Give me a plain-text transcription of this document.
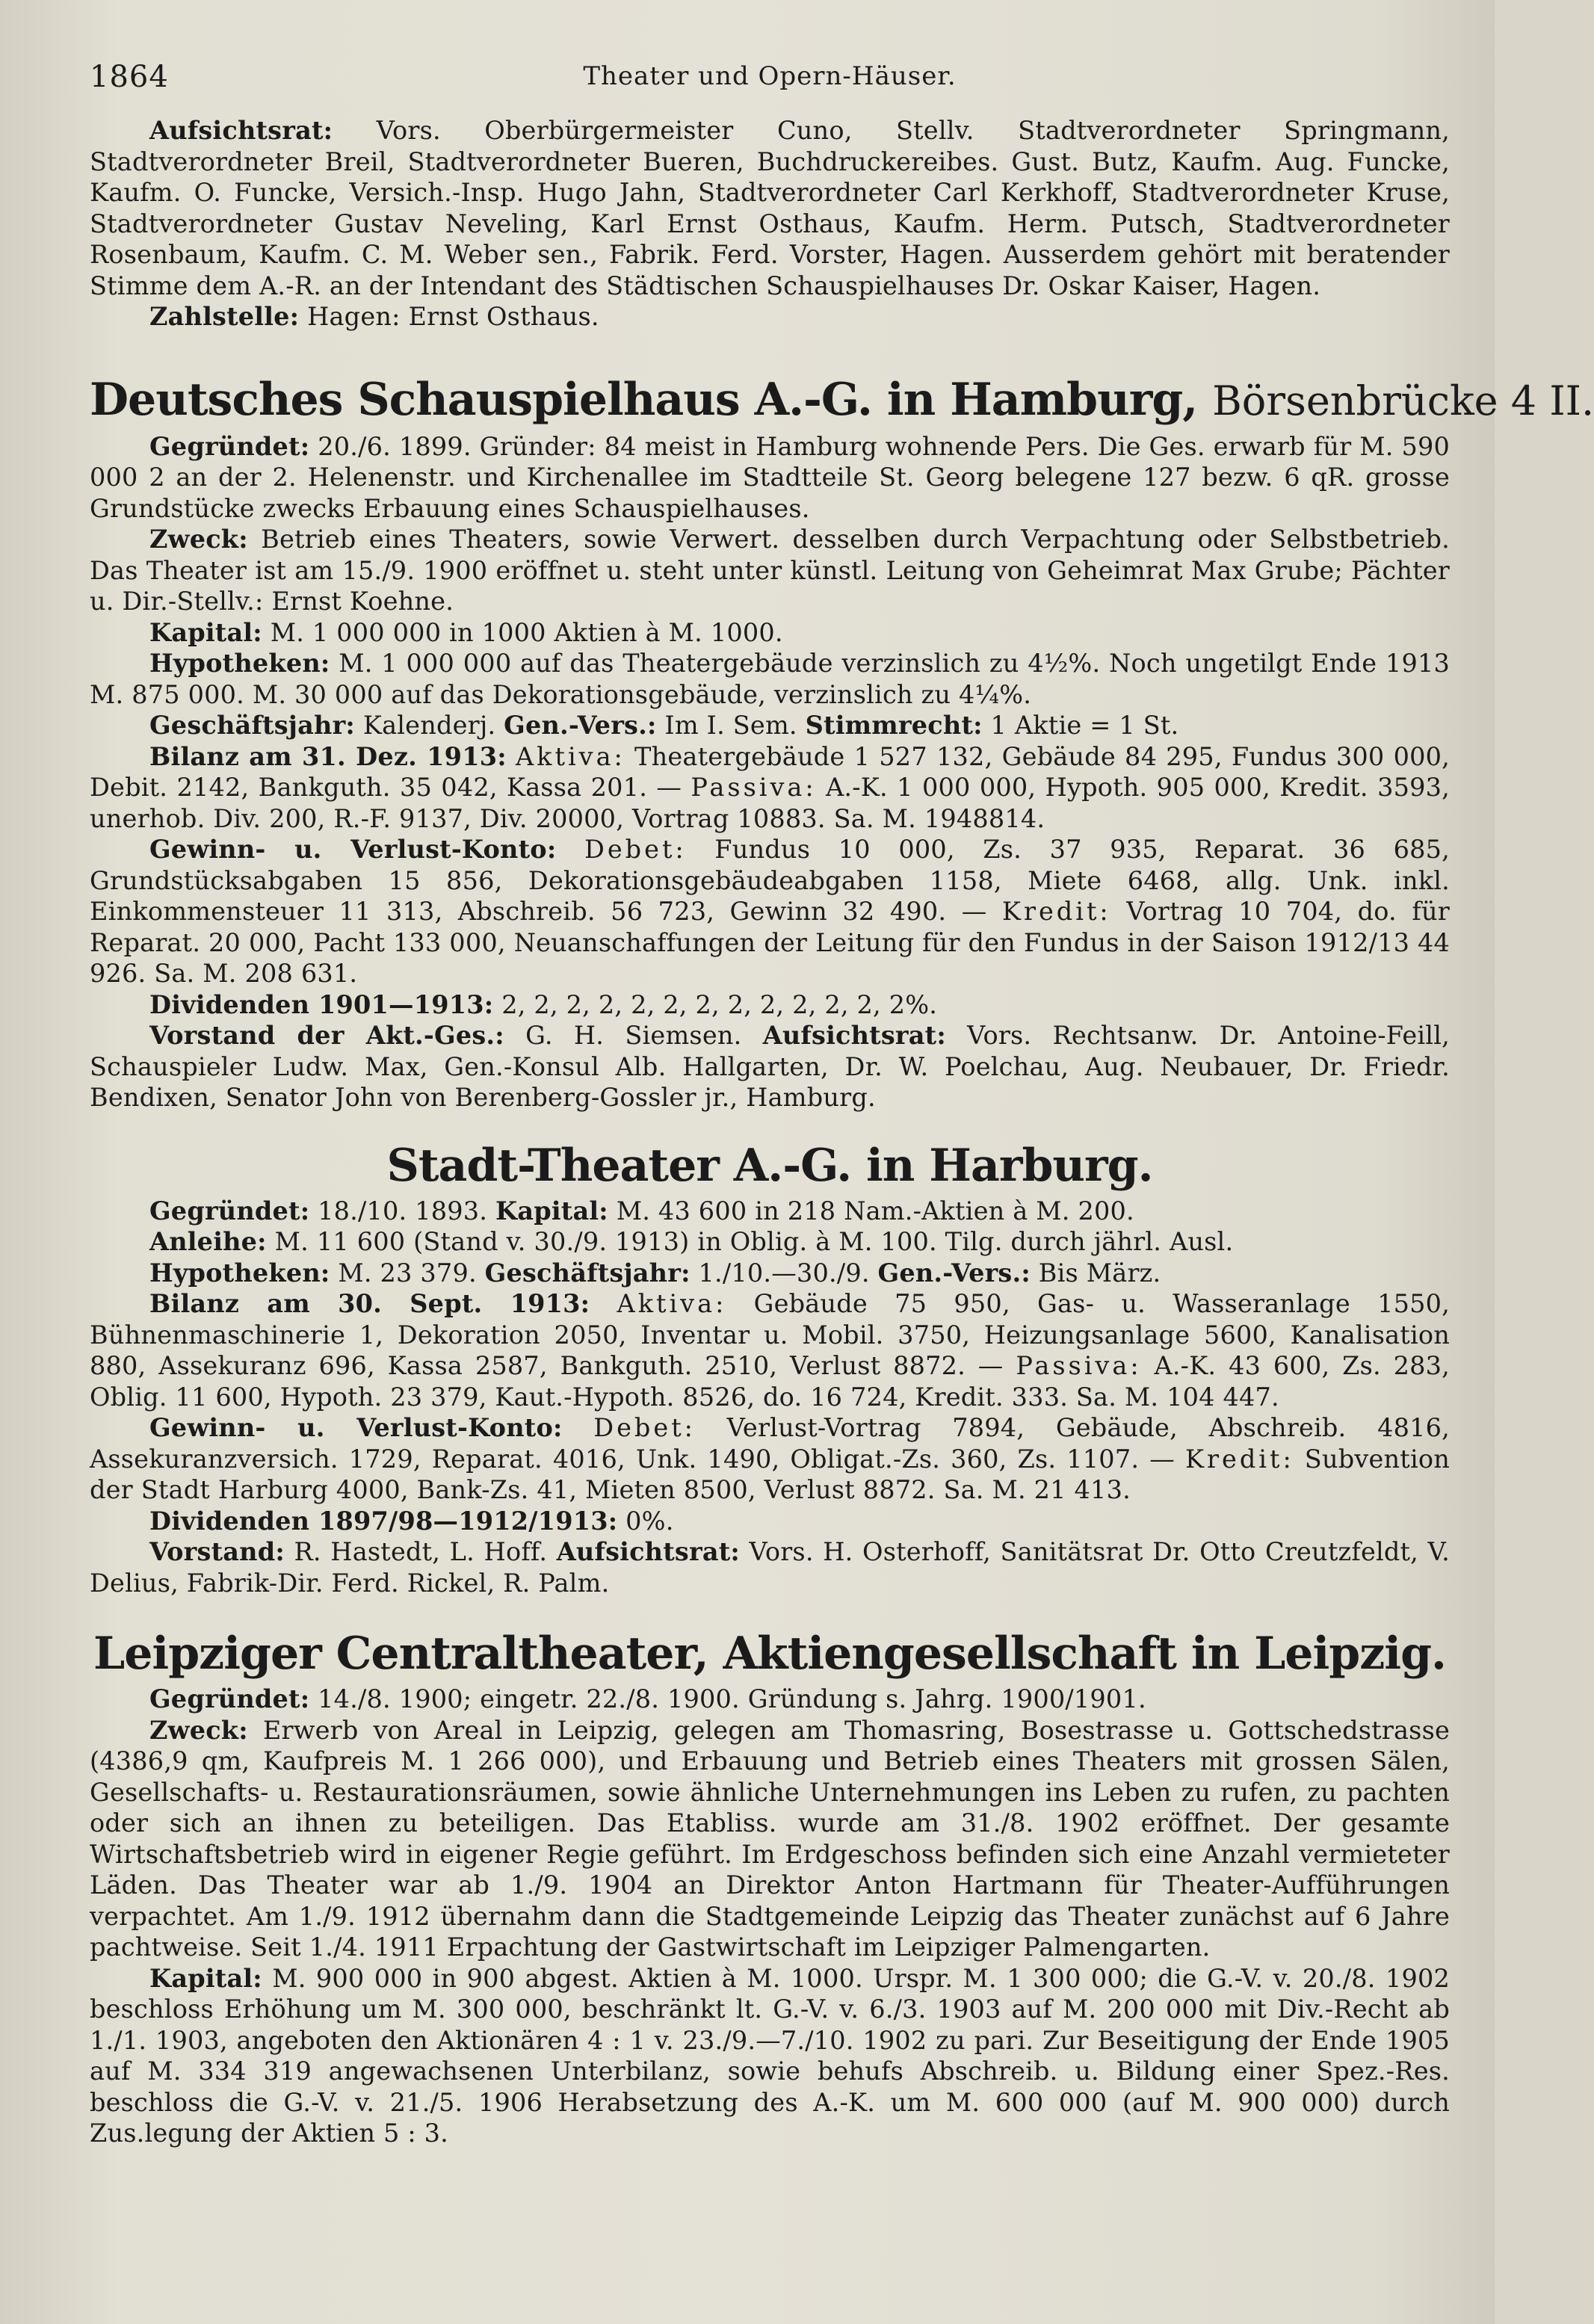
1864	Theater und Opern-Häuser.

Aufsichtsrat: Vors. Oberbürgermeister Cuno, Stellv. Stadtverordneter Springmann, Stadtverordneter Breil, Stadtverordneter Bueren, Buchdruckereibes. Gust. Butz, Kaufm. Aug. Funcke, Kaufm. O. Funcke, Versich.-Insp. Hugo Jahn, Stadtverordneter Carl Kerkhoff, Stadtverordneter Kruse, Stadtverordneter Gustav Neveling, Karl Ernst Osthaus, Kaufm. Herm. Putsch, Stadtverordneter Rosenbaum, Kaufm. C. M. Weber sen., Fabrik. Ferd. Vorster, Hagen. Ausserdem gehört mit beratender Stimme dem A.-R. an der Intendant des Städtischen Schauspielhauses Dr. Oskar Kaiser, Hagen.

Zahlstelle: Hagen: Ernst Osthaus.

Deutsches Schauspielhaus A.-G. in Hamburg, Börsenbrücke 4 II.

Gegründet: 20./6. 1899. Gründer: 84 meist in Hamburg wohnende Pers. Die Ges. erwarb für M. 590 000 2 an der 2. Helenenstr. und Kirchenallee im Stadtteile St. Georg belegene 127 bezw. 6 qR. grosse Grundstücke zwecks Erbauung eines Schauspielhauses.

Zweck: Betrieb eines Theaters, sowie Verwert. desselben durch Verpachtung oder Selbstbetrieb. Das Theater ist am 15./9. 1900 eröffnet u. steht unter künstl. Leitung von Geheimrat Max Grube; Pächter u. Dir.-Stellv.: Ernst Koehne.

Kapital: M. 1 000 000 in 1000 Aktien à M. 1000.

Hypotheken: M. 1 000 000 auf das Theatergebäude verzinslich zu 4½%. Noch ungetilgt Ende 1913 M. 875 000. M. 30 000 auf das Dekorationsgebäude, verzinslich zu 4¼%.

Geschäftsjahr: Kalenderj. Gen.-Vers.: Im I. Sem. Stimmrecht: 1 Aktie = 1 St.

Bilanz am 31. Dez. 1913: Aktiva: Theatergebäude 1 527 132, Gebäude 84 295, Fundus 300 000, Debit. 2142, Bankguth. 35 042, Kassa 201. — Passiva: A.-K. 1 000 000, Hypoth. 905 000, Kredit. 3593, unerhob. Div. 200, R.-F. 9137, Div. 20000, Vortrag 10883. Sa. M. 1948814.

Gewinn- u. Verlust-Konto: Debet: Fundus 10 000, Zs. 37 935, Reparat. 36 685, Grundstücksabgaben 15 856, Dekorationsgebäudeabgaben 1158, Miete 6468, allg. Unk. inkl. Einkommensteuer 11 313, Abschreib. 56 723, Gewinn 32 490. — Kredit: Vortrag 10 704, do. für Reparat. 20 000, Pacht 133 000, Neuanschaffungen der Leitung für den Fundus in der Saison 1912/13 44 926. Sa. M. 208 631.

Dividenden 1901—1913: 2, 2, 2, 2, 2, 2, 2, 2, 2, 2, 2, 2, 2%.

Vorstand der Akt.-Ges.: G. H. Siemsen. Aufsichtsrat: Vors. Rechtsanw. Dr. Antoine-Feill, Schauspieler Ludw. Max, Gen.-Konsul Alb. Hallgarten, Dr. W. Poelchau, Aug. Neubauer, Dr. Friedr. Bendixen, Senator John von Berenberg-Gossler jr., Hamburg.

Stadt-Theater A.-G. in Harburg.

Gegründet: 18./10. 1893. Kapital: M. 43 600 in 218 Nam.-Aktien à M. 200.

Anleihe: M. 11 600 (Stand v. 30./9. 1913) in Oblig. à M. 100. Tilg. durch jährl. Ausl.

Hypotheken: M. 23 379. Geschäftsjahr: 1./10.—30./9. Gen.-Vers.: Bis März.

Bilanz am 30. Sept. 1913: Aktiva: Gebäude 75 950, Gas- u. Wasseranlage 1550, Bühnenmaschinerie 1, Dekoration 2050, Inventar u. Mobil. 3750, Heizungsanlage 5600, Kanalisation 880, Assekuranz 696, Kassa 2587, Bankguth. 2510, Verlust 8872. — Passiva: A.-K. 43 600, Zs. 283, Oblig. 11 600, Hypoth. 23 379, Kaut.-Hypoth. 8526, do. 16 724, Kredit. 333. Sa. M. 104 447.

Gewinn- u. Verlust-Konto: Debet: Verlust-Vortrag 7894, Gebäude, Abschreib. 4816, Assekuranzversich. 1729, Reparat. 4016, Unk. 1490, Obligat.-Zs. 360, Zs. 1107. — Kredit: Subvention der Stadt Harburg 4000, Bank-Zs. 41, Mieten 8500, Verlust 8872. Sa. M. 21 413.

Dividenden 1897/98—1912/1913: 0%.

Vorstand: R. Hastedt, L. Hoff. Aufsichtsrat: Vors. H. Osterhoff, Sanitätsrat Dr. Otto Creutzfeldt, V. Delius, Fabrik-Dir. Ferd. Rickel, R. Palm.

Leipziger Centraltheater, Aktiengesellschaft in Leipzig.

Gegründet: 14./8. 1900; eingetr. 22./8. 1900. Gründung s. Jahrg. 1900/1901.

Zweck: Erwerb von Areal in Leipzig, gelegen am Thomasring, Bosestrasse u. Gottschedstrasse (4386,9 qm, Kaufpreis M. 1 266 000), und Erbauung und Betrieb eines Theaters mit grossen Sälen, Gesellschafts- u. Restaurationsräumen, sowie ähnliche Unternehmungen ins Leben zu rufen, zu pachten oder sich an ihnen zu beteiligen. Das Etabliss. wurde am 31./8. 1902 eröffnet. Der gesamte Wirtschaftsbetrieb wird in eigener Regie geführt. Im Erdgeschoss befinden sich eine Anzahl vermieteter Läden. Das Theater war ab 1./9. 1904 an Direktor Anton Hartmann für Theater-Aufführungen verpachtet. Am 1./9. 1912 übernahm dann die Stadtgemeinde Leipzig das Theater zunächst auf 6 Jahre pachtweise. Seit 1./4. 1911 Erpachtung der Gastwirtschaft im Leipziger Palmengarten.

Kapital: M. 900 000 in 900 abgest. Aktien à M. 1000. Urspr. M. 1 300 000; die G.-V. v. 20./8. 1902 beschloss Erhöhung um M. 300 000, beschränkt lt. G.-V. v. 6./3. 1903 auf M. 200 000 mit Div.-Recht ab 1./1. 1903, angeboten den Aktionären 4 : 1 v. 23./9.—7./10. 1902 zu pari. Zur Beseitigung der Ende 1905 auf M. 334 319 angewachsenen Unterbilanz, sowie behufs Abschreib. u. Bildung einer Spez.-Res. beschloss die G.-V. v. 21./5. 1906 Herabsetzung des A.-K. um M. 600 000 (auf M. 900 000) durch Zus.legung der Aktien 5 : 3.
